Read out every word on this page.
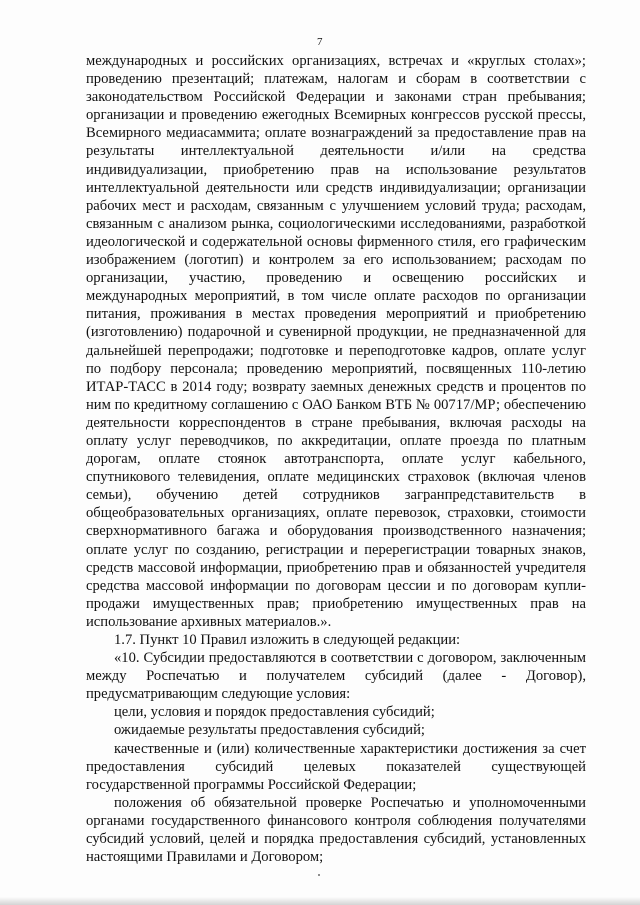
7

международных и российских организациях, встречах и «круглых столах»; проведению презентаций; платежам, налогам и сборам в соответствии с законодательством Российской Федерации и законами стран пребывания; организации и проведению ежегодных Всемирных конгрессов русской прессы, Всемирного медиасаммита; оплате вознаграждений за предоставление прав на результаты интеллектуальной деятельности и/или на средства индивидуализации, приобретению прав на использование результатов интеллектуальной деятельности или средств индивидуализации; организации рабочих мест и расходам, связанным с улучшением условий труда; расходам, связанным с анализом рынка, социологическими исследованиями, разработкой идеологической и содержательной основы фирменного стиля, его графическим изображением (логотип) и контролем за его использованием; расходам по организации, участию, проведению и освещению российских и международных мероприятий, в том числе оплате расходов по организации питания, проживания в местах проведения мероприятий и приобретению (изготовлению) подарочной и сувенирной продукции, не предназначенной для дальнейшей перепродажи; подготовке и переподготовке кадров, оплате услуг по подбору персонала; проведению мероприятий, посвященных 110-летию ИТАР-ТАСС в 2014 году; возврату заемных денежных средств и процентов по ним по кредитному соглашению с ОАО Банком ВТБ № 00717/МР; обеспечению деятельности корреспондентов в стране пребывания, включая расходы на оплату услуг переводчиков, по аккредитации, оплате проезда по платным дорогам, оплате стоянок автотранспорта, оплате услуг кабельного, спутникового телевидения, оплате медицинских страховок (включая членов семьи), обучению детей сотрудников загранпредставительств в общеобразовательных организациях, оплате перевозок, страховки, стоимости сверхнормативного багажа и оборудования производственного назначения; оплате услуг по созданию, регистрации и перерегистрации товарных знаков, средств массовой информации, приобретению прав и обязанностей учредителя средства массовой информации по договорам цессии и по договорам купли-продажи имущественных прав; приобретению имущественных прав на использование архивных материалов.».

1.7. Пункт 10 Правил изложить в следующей редакции:

«10. Субсидии предоставляются в соответствии с договором, заключенным между Роспечатью и получателем субсидий (далее - Договор), предусматривающим следующие условия:

цели, условия и порядок предоставления субсидий;

ожидаемые результаты предоставления субсидий;

качественные и (или) количественные характеристики достижения за счет предоставления субсидий целевых показателей существующей государственной программы Российской Федерации;

положения об обязательной проверке Роспечатью и уполномоченными органами государственного финансового контроля соблюдения получателями субсидий условий, целей и порядка предоставления субсидий, установленных настоящими Правилами и Договором;
